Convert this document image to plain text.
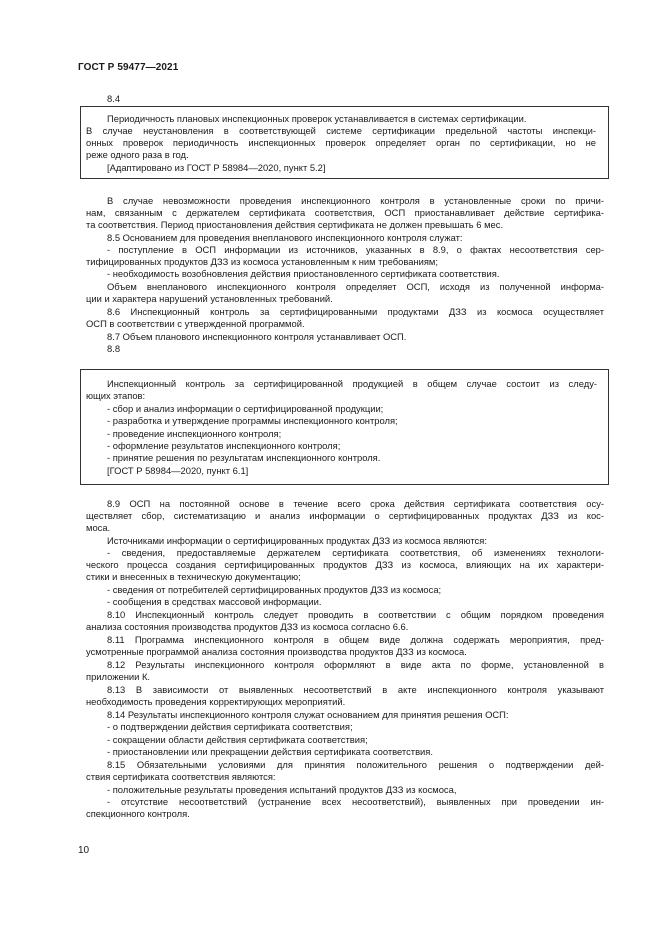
ГОСТ Р 59477—2021
8.4
Периодичность плановых инспекционных проверок устанавливается в системах сертификации.
В случае неустановления в соответствующей системе сертификации предельной частоты инспекци-
онных проверок периодичность инспекционных проверок определяет орган по сертификации, но не
реже одного раза в год.
[Адаптировано из ГОСТ Р 58984—2020, пункт 5.2]
В случае невозможности проведения инспекционного контроля в установленные сроки по причи-
нам, связанным с держателем сертификата соответствия, ОСП приостанавливает действие сертифика-
та соответствия. Период приостановления действия сертификата не должен превышать 6 мес.
8.5 Основанием для проведения внепланового инспекционного контроля служат:
- поступление в ОСП информации из источников, указанных в 8.9, о фактах несоответствия сер-
тифицированных продуктов ДЗЗ из космоса установленным к ним требованиям;
- необходимость возобновления действия приостановленного сертификата соответствия.
Объем внепланового инспекционного контроля определяет ОСП, исходя из полученной информа-
ции и характера нарушений установленных требований.
8.6 Инспекционный контроль за сертифицированными продуктами ДЗЗ из космоса осуществляет
ОСП в соответствии с утвержденной программой.
8.7 Объем планового инспекционного контроля устанавливает ОСП.
8.8
Инспекционный контроль за сертифицированной продукцией в общем случае состоит из следу-
ющих этапов:
- сбор и анализ информации о сертифицированной продукции;
- разработка и утверждение программы инспекционного контроля;
- проведение инспекционного контроля;
- оформление результатов инспекционного контроля;
- принятие решения по результатам инспекционного контроля.
[ГОСТ Р 58984—2020, пункт 6.1]
8.9 ОСП на постоянной основе в течение всего срока действия сертификата соответствия осу-
ществляет сбор, систематизацию и анализ информации о сертифицированных продуктах ДЗЗ из кос-
моса.
Источниками информации о сертифицированных продуктах ДЗЗ из космоса являются:
- сведения, предоставляемые держателем сертификата соответствия, об изменениях технологи-
ческого процесса создания сертифицированных продуктов ДЗЗ из космоса, влияющих на их характери-
стики и внесенных в техническую документацию;
- сведения от потребителей сертифицированных продуктов ДЗЗ из космоса;
- сообщения в средствах массовой информации.
8.10 Инспекционный контроль следует проводить в соответствии с общим порядком проведения
анализа состояния производства продуктов ДЗЗ из космоса согласно 6.6.
8.11 Программа инспекционного контроля в общем виде должна содержать мероприятия, пред-
усмотренные программой анализа состояния производства продуктов ДЗЗ из космоса.
8.12 Результаты инспекционного контроля оформляют в виде акта по форме, установленной в
приложении К.
8.13 В зависимости от выявленных несоответствий в акте инспекционного контроля указывают
необходимость проведения корректирующих мероприятий.
8.14 Результаты инспекционного контроля служат основанием для принятия решения ОСП:
- о подтверждении действия сертификата соответствия;
- сокращении области действия сертификата соответствия;
- приостановлении или прекращении действия сертификата соответствия.
8.15 Обязательными условиями для принятия положительного решения о подтверждении дей-
ствия сертификата соответствия являются:
- положительные результаты проведения испытаний продуктов ДЗЗ из космоса,
- отсутствие несоответствий (устранение всех несоответствий), выявленных при проведении ин-
спекционного контроля.
10
